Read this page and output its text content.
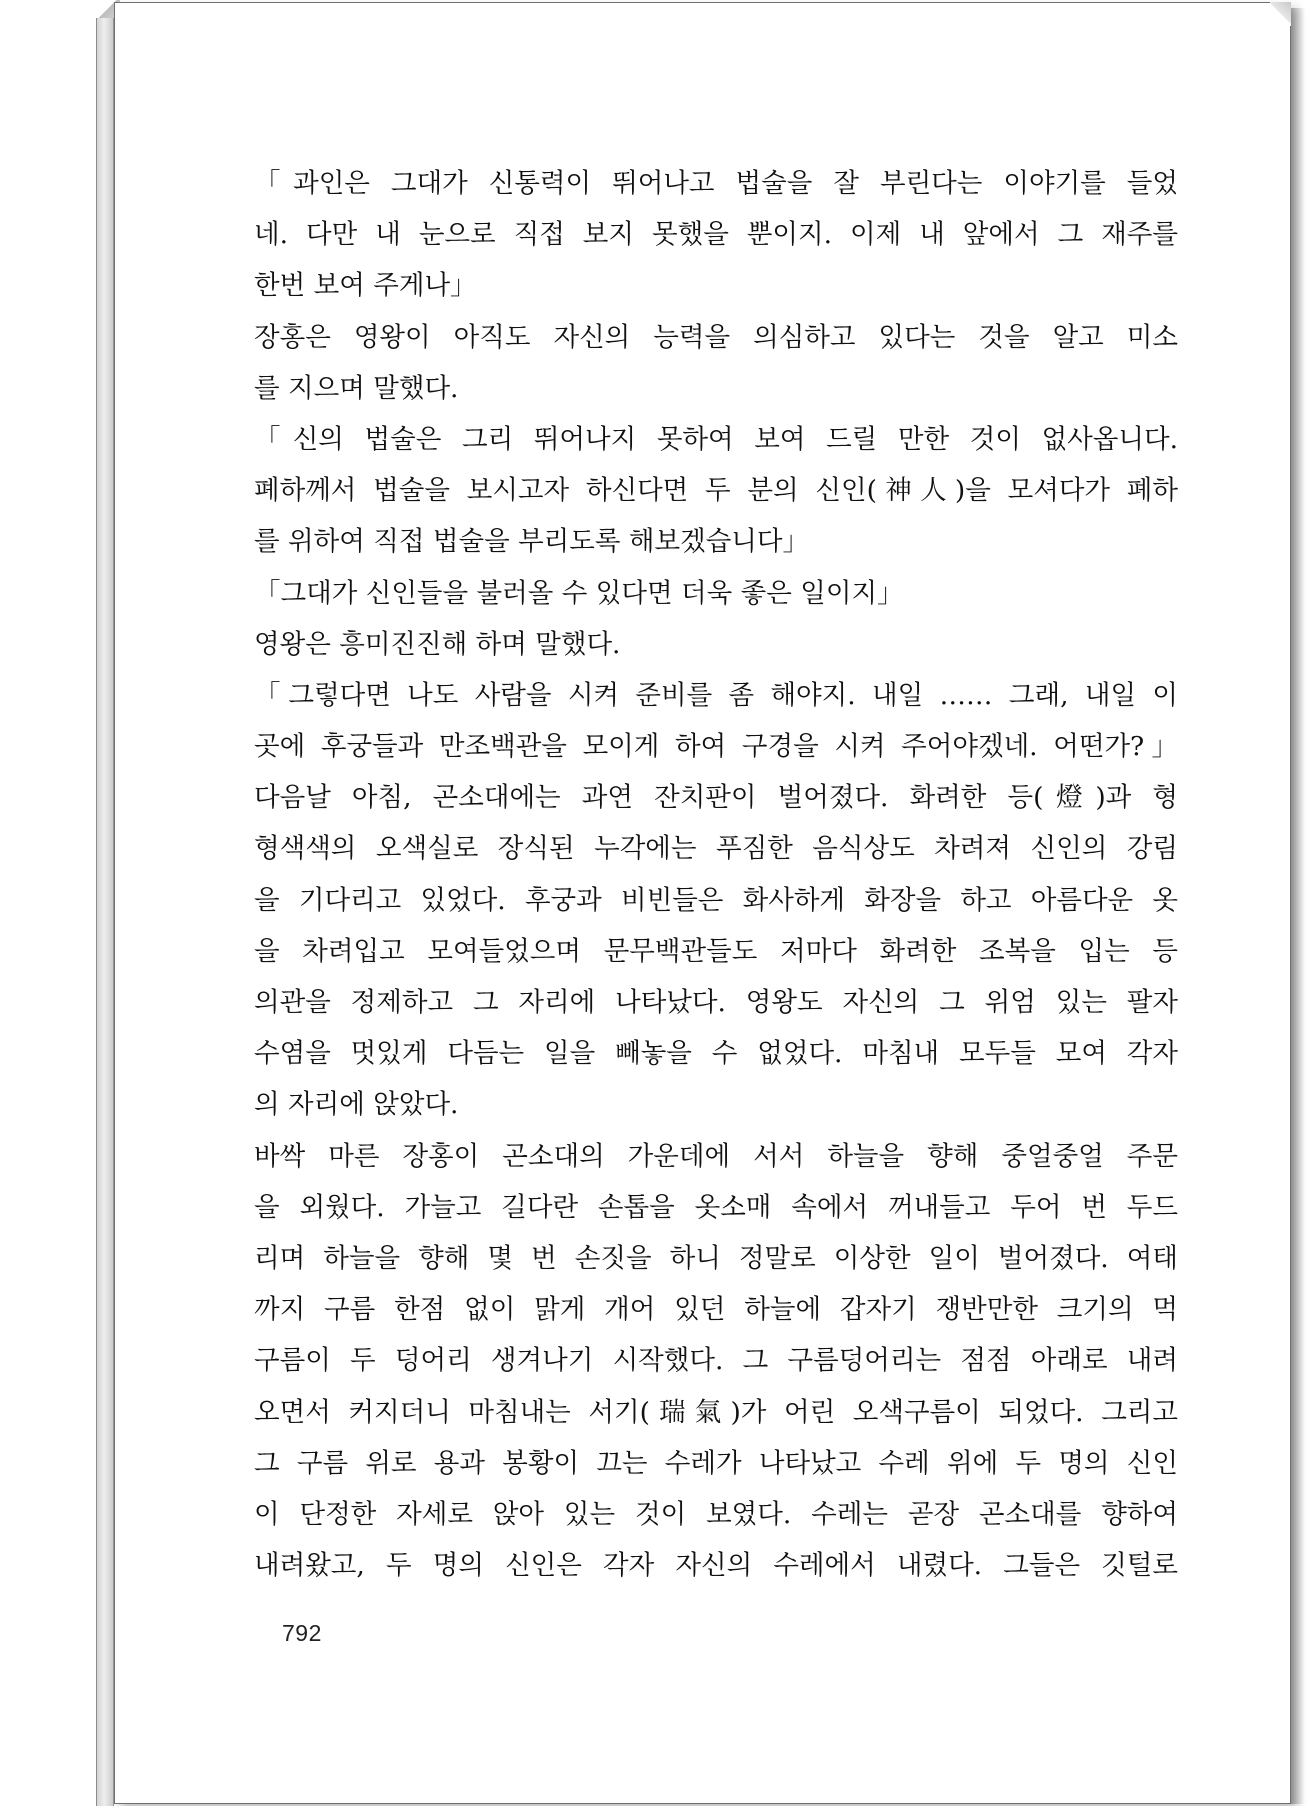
「과인은 그대가 신통력이 뛰어나고 법술을 잘 부린다는 이야기를 들었
네. 다만 내 눈으로 직접 보지 못했을 뿐이지. 이제 내 앞에서 그 재주를
한번 보여 주게나」
장홍은 영왕이 아직도 자신의 능력을 의심하고 있다는 것을 알고 미소
를 지으며 말했다.
「신의 법술은 그리 뛰어나지 못하여 보여 드릴 만한 것이 없사옵니다.
폐하께서 법술을 보시고자 하신다면 두 분의 신인(神人)을 모셔다가 폐하
를 위하여 직접 법술을 부리도록 해보겠습니다」
「그대가 신인들을 불러올 수 있다면 더욱 좋은 일이지」
영왕은 흥미진진해 하며 말했다.
「그렇다면 나도 사람을 시켜 준비를 좀 해야지. 내일 …… 그래, 내일 이
곳에 후궁들과 만조백관을 모이게 하여 구경을 시켜 주어야겠네. 어떤가?」
다음날 아침, 곤소대에는 과연 잔치판이 벌어졌다. 화려한 등(燈)과 형
형색색의 오색실로 장식된 누각에는 푸짐한 음식상도 차려져 신인의 강림
을 기다리고 있었다. 후궁과 비빈들은 화사하게 화장을 하고 아름다운 옷
을 차려입고 모여들었으며 문무백관들도 저마다 화려한 조복을 입는 등
의관을 정제하고 그 자리에 나타났다. 영왕도 자신의 그 위엄 있는 팔자
수염을 멋있게 다듬는 일을 빼놓을 수 없었다. 마침내 모두들 모여 각자
의 자리에 앉았다.
바싹 마른 장홍이 곤소대의 가운데에 서서 하늘을 향해 중얼중얼 주문
을 외웠다. 가늘고 길다란 손톱을 옷소매 속에서 꺼내들고 두어 번 두드
리며 하늘을 향해 몇 번 손짓을 하니 정말로 이상한 일이 벌어졌다. 여태
까지 구름 한점 없이 맑게 개어 있던 하늘에 갑자기 쟁반만한 크기의 먹
구름이 두 덩어리 생겨나기 시작했다. 그 구름덩어리는 점점 아래로 내려
오면서 커지더니 마침내는 서기(瑞氣)가 어린 오색구름이 되었다. 그리고
그 구름 위로 용과 봉황이 끄는 수레가 나타났고 수레 위에 두 명의 신인
이 단정한 자세로 앉아 있는 것이 보였다. 수레는 곧장 곤소대를 향하여
내려왔고, 두 명의 신인은 각자 자신의 수레에서 내렸다. 그들은 깃털로
792
